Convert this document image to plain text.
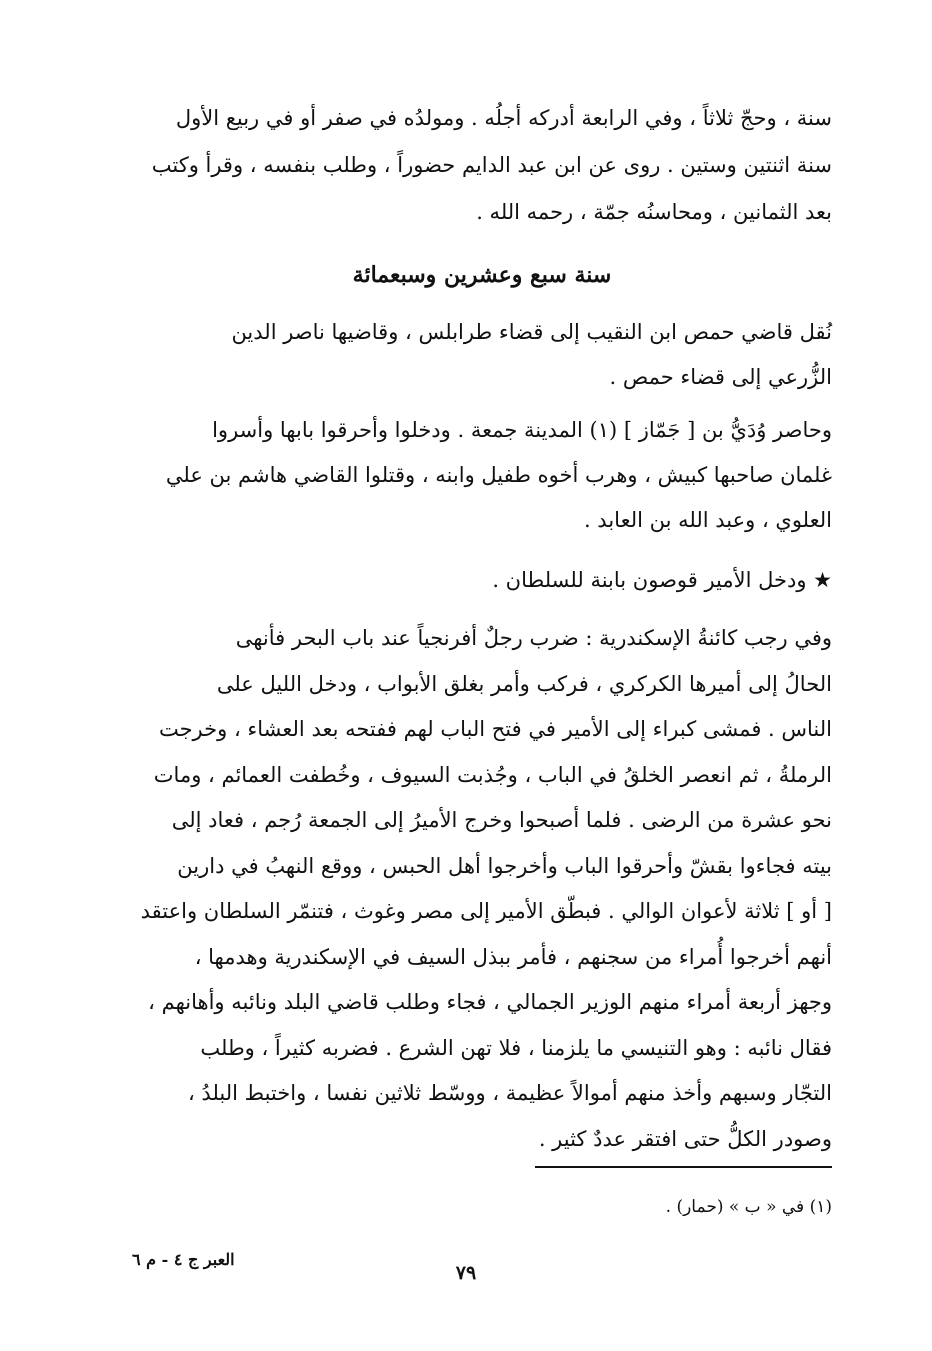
سنة ، وحجّ ثلاثاً ، وفي الرابعة أدركه أجلُه . ومولدُه في صفر أو في ربيع الأول
سنة اثنتين وستين . روى عن ابن عبد الدايم حضوراً ، وطلب بنفسه ، وقرأ وكتب
بعد الثمانين ، ومحاسنُه جمّة ، رحمه الله .
سنة سبع وعشرين وسبعمائة
نُقل قاضي حمص ابن النقيب إلى قضاء طرابلس ، وقاضيها ناصر الدين
الزُّرعي إلى قضاء حمص .
وحاصر وُدَيُّ بن [ جَمّاز ] (١) المدينة جمعة . ودخلوا وأحرقوا بابها وأسروا
غلمان صاحبها كبيش ، وهرب أخوه طفيل وابنه ، وقتلوا القاضي هاشم بن علي
العلوي ، وعبد الله بن العابد .
★ ودخل الأمير قوصون بابنة للسلطان .
وفي رجب كائنةُ الإسكندرية : ضرب رجلٌ أفرنجياً عند باب البحر فأنهى
الحالُ إلى أميرها الكركري ، فركب وأمر بغلق الأبواب ، ودخل الليل على
الناس . فمشى كبراء إلى الأمير في فتح الباب لهم ففتحه بعد العشاء ، وخرجت
الرملةُ ، ثم انعصر الخلقُ في الباب ، وجُذبت السيوف ، وخُطفت العمائم ، ومات
نحو عشرة من الرضى . فلما أصبحوا وخرج الأميرُ إلى الجمعة رُجم ، فعاد إلى
بيته فجاءوا بقشّ وأحرقوا الباب وأخرجوا أهل الحبس ، ووقع النهبُ في دارين
[ أو ] ثلاثة لأعوان الوالي . فبطّق الأمير إلى مصر وغوث ، فتنمّر السلطان واعتقد
أنهم أخرجوا أُمراء من سجنهم ، فأمر ببذل السيف في الإسكندرية وهدمها ،
وجهز أربعة أمراء منهم الوزير الجمالي ، فجاء وطلب قاضي البلد ونائبه وأهانهم ،
فقال نائبه : وهو التنيسي ما يلزمنا ، فلا تهن الشرع . فضربه كثيراً ، وطلب
التجّار وسبهم وأخذ منهم أموالاً عظيمة ، ووسّط ثلاثين نفسا ، واختبط البلدُ ،
وصودر الكلُّ حتى افتقر عددٌ كثير .
(١) في « ب » (حمار) .
العبر ج ٤ - م ٦
٧٩
